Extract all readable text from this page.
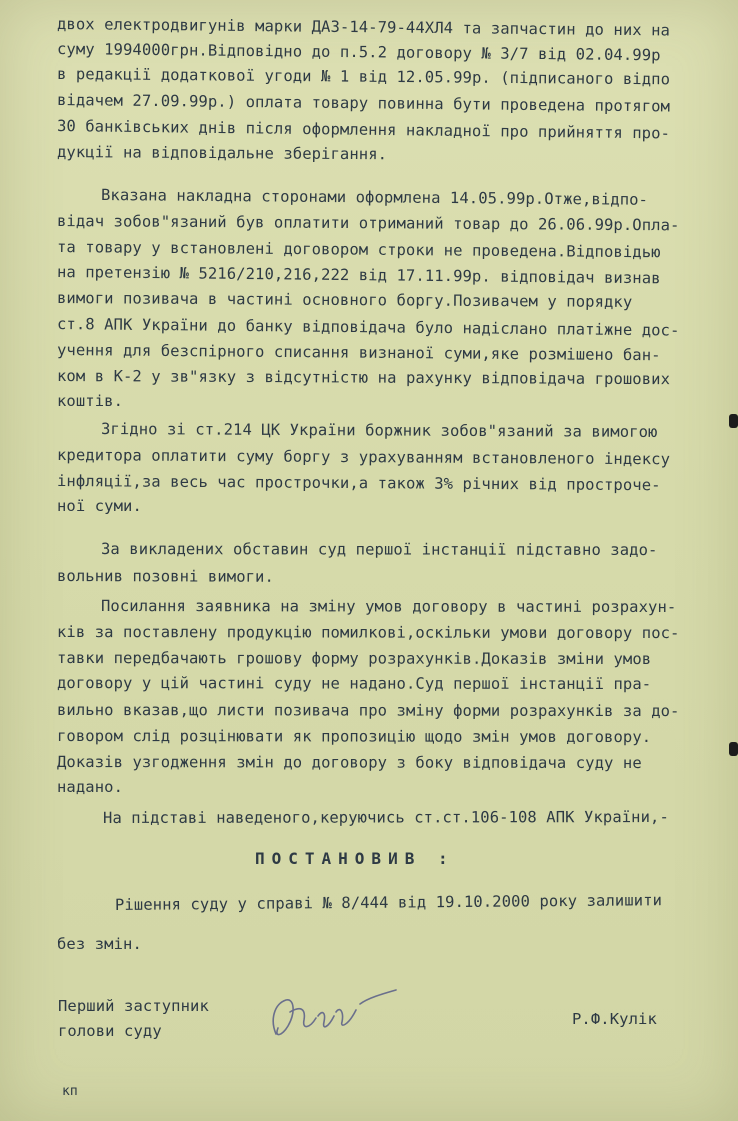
двох електродвигунів марки ДАЗ-14-79-44ХЛ4 та запчастин до них на
суму 1994000грн.Відповідно до п.5.2 договору № 3/7 від 02.04.99р
в редакції додаткової угоди № 1 від 12.05.99р. (підписаного відпо
відачем 27.09.99р.) оплата товару повинна бути проведена протягом
30 банківських днів після оформлення накладної про прийняття про-
дукції на відповідальне зберігання.
Вказана накладна сторонами оформлена 14.05.99р.Отже,відпо-
відач зобов"язаний був оплатити отриманий товар до 26.06.99р.Опла-
та товару у встановлені договором строки не проведена.Відповідью
на претензію № 5216/210,216,222 від 17.11.99р. відповідач визнав
вимоги позивача в частині основного боргу.Позивачем у порядку
ст.8 АПК України до банку відповідача було надіслано платіжне дос-
учення для безспірного списання визнаної суми,яке розмішено бан-
ком в К-2 у зв"язку з відсутністю на рахунку відповідача грошових
коштів.
Згідно зі ст.214 ЦК України боржник зобов"язаний за вимогою
кредитора оплатити суму боргу з урахуванням встановленого індексу
інфляції,за весь час прострочки,а також 3% річних від простроче-
ної суми.
За викладених обставин суд першої інстанції підставно задо-
вольнив позовні вимоги.
Посилання заявника на зміну умов договору в частині розрахун-
ків за поставлену продукцію помилкові,оскільки умови договору пос-
тавки передбачають грошову форму розрахунків.Доказів зміни умов
договору у цій частині суду не надано.Суд першої інстанції пра-
вильно вказав,що листи позивача про зміну форми розрахунків за до-
говором слід розцінювати як пропозицію щодо змін умов договору.
Доказів узгодження змін до договору з боку відповідача суду не
надано.
На підставі наведеного,керуючись ст.ст.106-108 АПК України,-
ПОСТАНОВИВ :
Рішення суду у справі № 8/444 від 19.10.2000 року залишити
без змін.
Перший заступник
голови суду
Р.Ф.Кулік
кп
